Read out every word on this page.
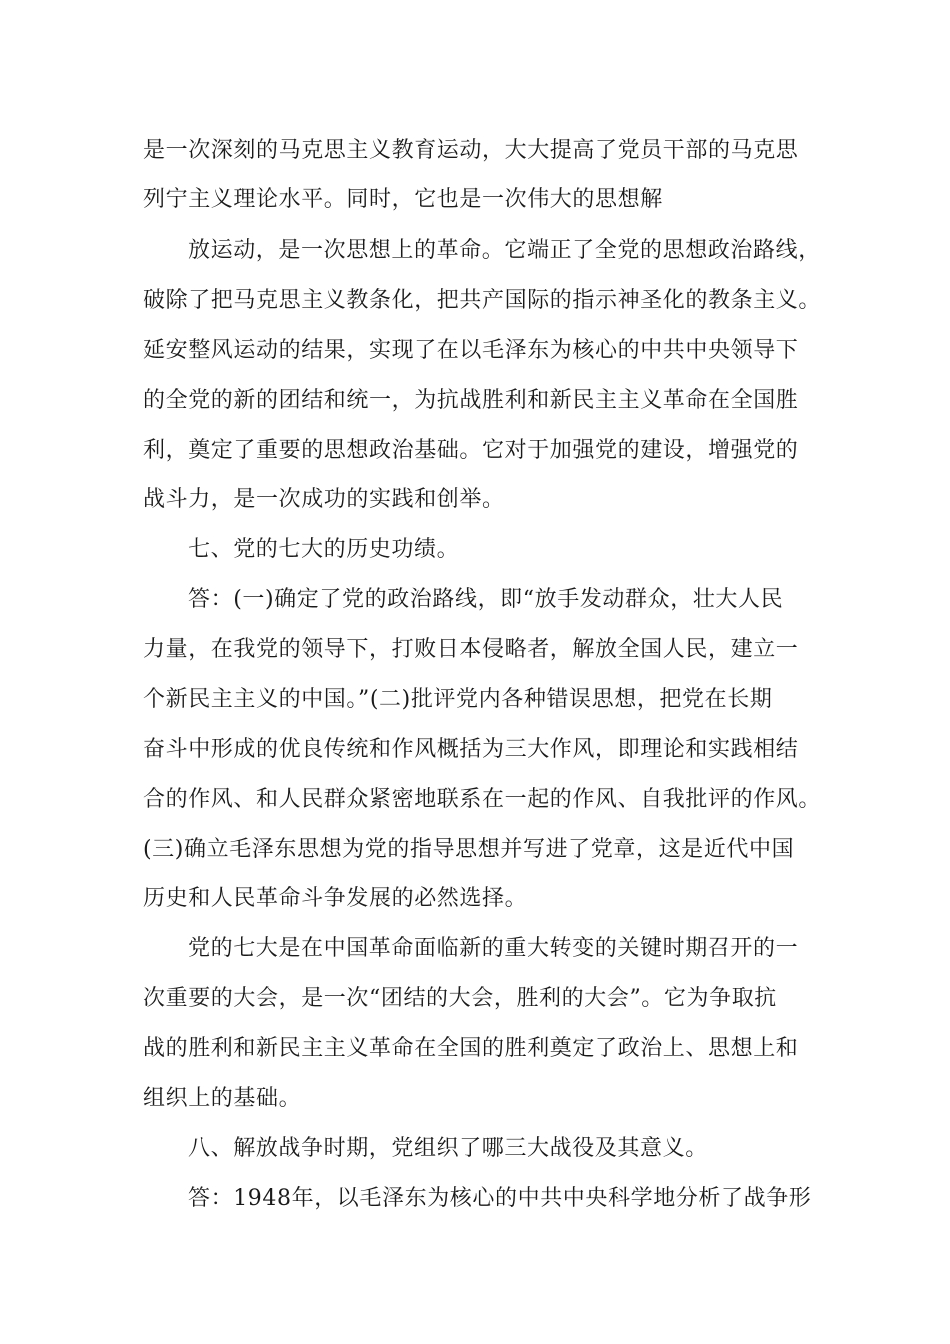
是一次深刻的马克思主义教育运动，大大提高了党员干部的马克思

列宁主义理论水平。同时，它也是一次伟大的思想解

放运动，是一次思想上的革命。它端正了全党的思想政治路线，

破除了把马克思主义教条化，把共产国际的指示神圣化的教条主义。

延安整风运动的结果，实现了在以毛泽东为核心的中共中央领导下

的全党的新的团结和统一，为抗战胜利和新民主主义革命在全国胜

利，奠定了重要的思想政治基础。它对于加强党的建设，增强党的

战斗力，是一次成功的实践和创举。

七、党的七大的历史功绩。

答：(一)确定了党的政治路线，即“放手发动群众，壮大人民

力量，在我党的领导下，打败日本侵略者，解放全国人民，建立一

个新民主主义的中国。”(二)批评党内各种错误思想，把党在长期

奋斗中形成的优良传统和作风概括为三大作风，即理论和实践相结

合的作风、和人民群众紧密地联系在一起的作风、自我批评的作风。

(三)确立毛泽东思想为党的指导思想并写进了党章，这是近代中国

历史和人民革命斗争发展的必然选择。

党的七大是在中国革命面临新的重大转变的关键时期召开的一

次重要的大会，是一次“团结的大会，胜利的大会”。它为争取抗

战的胜利和新民主主义革命在全国的胜利奠定了政治上、思想上和

组织上的基础。

八、解放战争时期，党组织了哪三大战役及其意义。

答：1948年，以毛泽东为核心的中共中央科学地分析了战争形
